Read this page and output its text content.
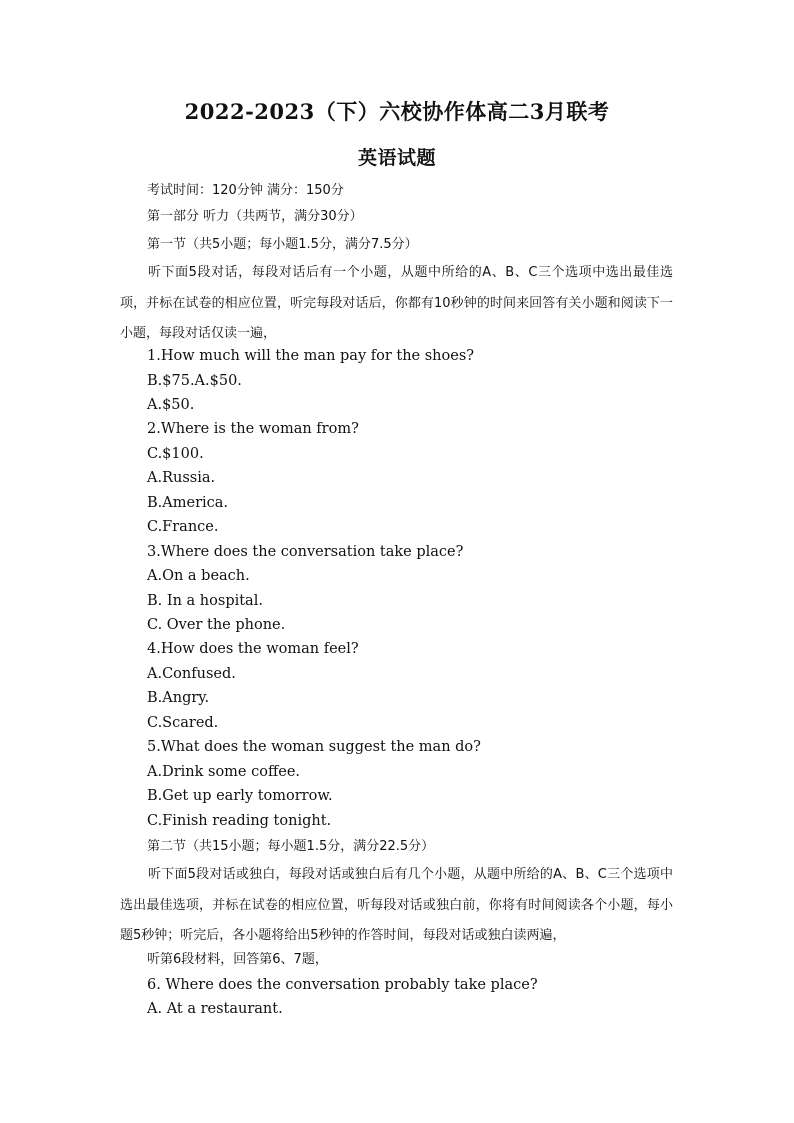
2022-2023（下）六校协作体高二3月联考
英语试题
考试时间：120分钟 满分：150分
第一部分 听力（共两节，满分30分）
第一节（共5小题；每小题1.5分，满分7.5分）
听下面5段对话，每段对话后有一个小题，从题中所给的A、B、C三个选项中选出最佳选项，并标在试卷的相应位置，听完每段对话后，你都有10秒钟的时间来回答有关小题和阅读下一小题，每段对话仅读一遍，
1.How much will the man pay for the shoes?
B.$75.A.$50.
A.$50.
2.Where is the woman from?
C.$100.
A.Russia.
B.America.
C.France.
3.Where does the conversation take place?
A.On a beach.
B. In a hospital.
C. Over the phone.
4.How does the woman feel?
A.Confused.
B.Angry.
C.Scared.
5.What does the woman suggest the man do?
A.Drink some coffee.
B.Get up early tomorrow.
C.Finish reading tonight.
第二节（共15小题；每小题1.5分，满分22.5分）
听下面5段对话或独白，每段对话或独白后有几个小题，从题中所给的A、B、C三个选项中选出最佳选项，并标在试卷的相应位置，听每段对话或独白前，你将有时间阅读各个小题，每小题5秒钟；听完后，各小题将给出5秒钟的作答时间，每段对话或独白读两遍，
听第6段材料，回答第6、7题，
6. Where does the conversation probably take place?
A. At a restaurant.
